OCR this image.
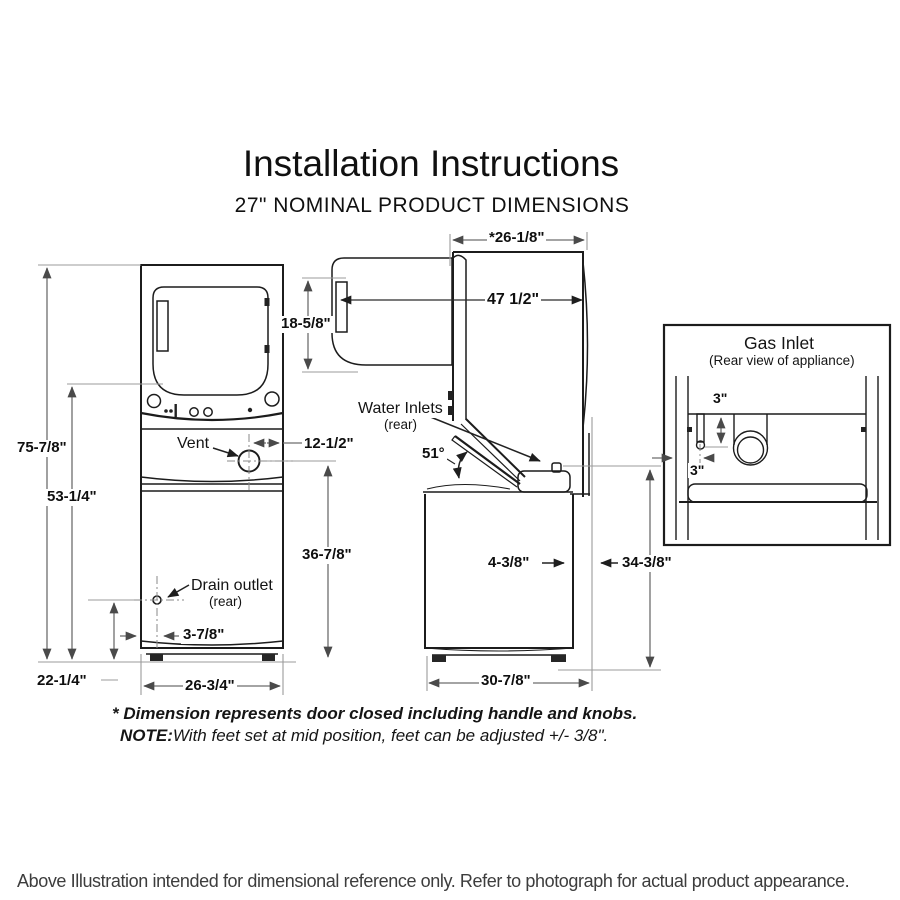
Installation Instructions
27" NOMINAL PRODUCT DIMENSIONS
75-7/8"
53-1/4"
22-1/4"	26-3/4"
3-7/8"
Vent	12-1/2"
36-7/8"
Drain outlet
(rear)
*26-1/8"
47 1/2"
18-5/8"
Water Inlets
(rear)
51°
4-3/8"	34-3/8"
30-7/8"
Gas Inlet
(Rear view of appliance)
3"
3"
* Dimension represents door closed including handle and knobs.
NOTE:With feet set at mid position, feet can be adjusted +/- 3/8".
Above Illustration intended for dimensional reference only. Refer to photograph for actual product appearance.
